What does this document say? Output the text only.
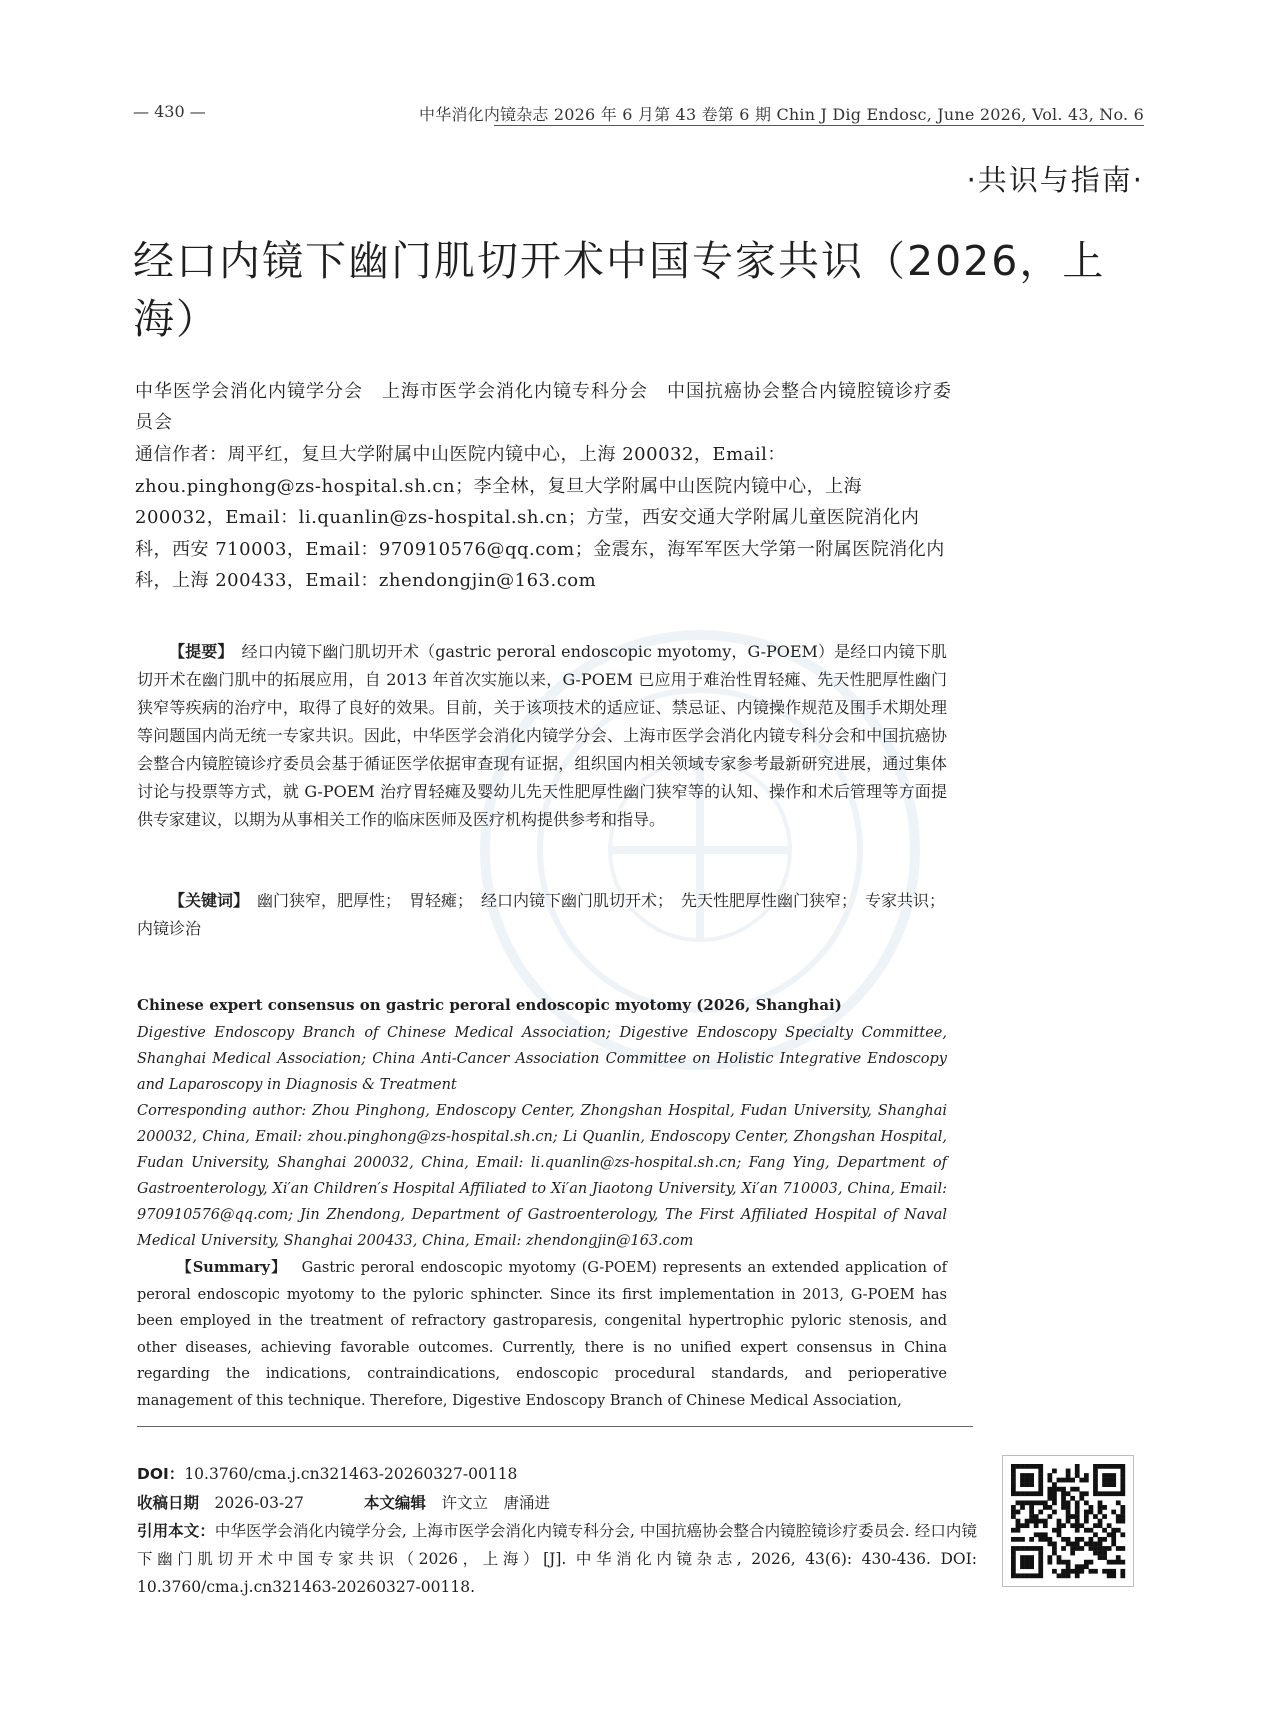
— 430 —	中华消化内镜杂志 2026 年 6 月第 43 卷第 6 期 Chin J Dig Endosc, June 2026, Vol. 43, No. 6
·共识与指南·
经口内镜下幽门肌切开术中国专家共识（2026，上海）
中华医学会消化内镜学分会　上海市医学会消化内镜专科分会　中国抗癌协会整合内镜腔镜诊疗委员会
通信作者：周平红，复旦大学附属中山医院内镜中心，上海 200032，Email：zhou.pinghong@zs-hospital.sh.cn；李全林，复旦大学附属中山医院内镜中心，上海 200032，Email：li.quanlin@zs-hospital.sh.cn；方莹，西安交通大学附属儿童医院消化内科，西安 710003，Email：970910576@qq.com；金震东，海军军医大学第一附属医院消化内科，上海 200433，Email：zhendongjin@163.com
【提要】　 经口内镜下幽门肌切开术（gastric peroral endoscopic myotomy，G-POEM）是经口内镜下肌切开术在幽门肌中的拓展应用，自 2013 年首次实施以来，G-POEM 已应用于难治性胃轻瘫、先天性肥厚性幽门狭窄等疾病的治疗中，取得了良好的效果。目前，关于该项技术的适应证、禁忌证、内镜操作规范及围手术期处理等问题国内尚无统一专家共识。因此，中华医学会消化内镜学分会、上海市医学会消化内镜专科分会和中国抗癌协会整合内镜腔镜诊疗委员会基于循证医学依据审查现有证据，组织国内相关领域专家参考最新研究进展，通过集体讨论与投票等方式，就 G-POEM 治疗胃轻瘫及婴幼儿先天性肥厚性幽门狭窄等的认知、操作和术后管理等方面提供专家建议，以期为从事相关工作的临床医师及医疗机构提供参考和指导。
【关键词】　 幽门狭窄，肥厚性；　胃轻瘫；　经口内镜下幽门肌切开术；　先天性肥厚性幽门狭窄；　专家共识；　内镜诊治
Chinese expert consensus on gastric peroral endoscopic myotomy (2026, Shanghai)
Digestive Endoscopy Branch of Chinese Medical Association; Digestive Endoscopy Specialty Committee, Shanghai Medical Association; China Anti-Cancer Association Committee on Holistic Integrative Endoscopy and Laparoscopy in Diagnosis & Treatment
Corresponding author: Zhou Pinghong, Endoscopy Center, Zhongshan Hospital, Fudan University, Shanghai 200032, China, Email: zhou.pinghong@zs-hospital.sh.cn; Li Quanlin, Endoscopy Center, Zhongshan Hospital, Fudan University, Shanghai 200032, China, Email: li.quanlin@zs-hospital.sh.cn; Fang Ying, Department of Gastroenterology, Xi′an Children′s Hospital Affiliated to Xi′an Jiaotong University, Xi′an 710003, China, Email: 970910576@qq.com; Jin Zhendong, Department of Gastroenterology, The First Affiliated Hospital of Naval Medical University, Shanghai 200433, China, Email: zhendongjin@163.com
【Summary】　 Gastric peroral endoscopic myotomy (G-POEM) represents an extended application of peroral endoscopic myotomy to the pyloric sphincter. Since its first implementation in 2013, G-POEM has been employed in the treatment of refractory gastroparesis, congenital hypertrophic pyloric stenosis, and other diseases, achieving favorable outcomes. Currently, there is no unified expert consensus in China regarding the indications, contraindications, endoscopic procedural standards, and perioperative management of this technique. Therefore, Digestive Endoscopy Branch of Chinese Medical Association,
DOI：10.3760/cma.j.cn321463-20260327-00118
收稿日期　 2026-03-27	本文编辑　 许文立　唐涌进
引用本文：中华医学会消化内镜学分会, 上海市医学会消化内镜专科分会, 中国抗癌协会整合内镜腔镜诊疗委员会. 经口内镜下幽门肌切开术中国专家共识（2026，上海）[J]. 中华消化内镜杂志, 2026, 43(6): 430-436. DOI: 10.3760/cma.j.cn321463-20260327-00118.
